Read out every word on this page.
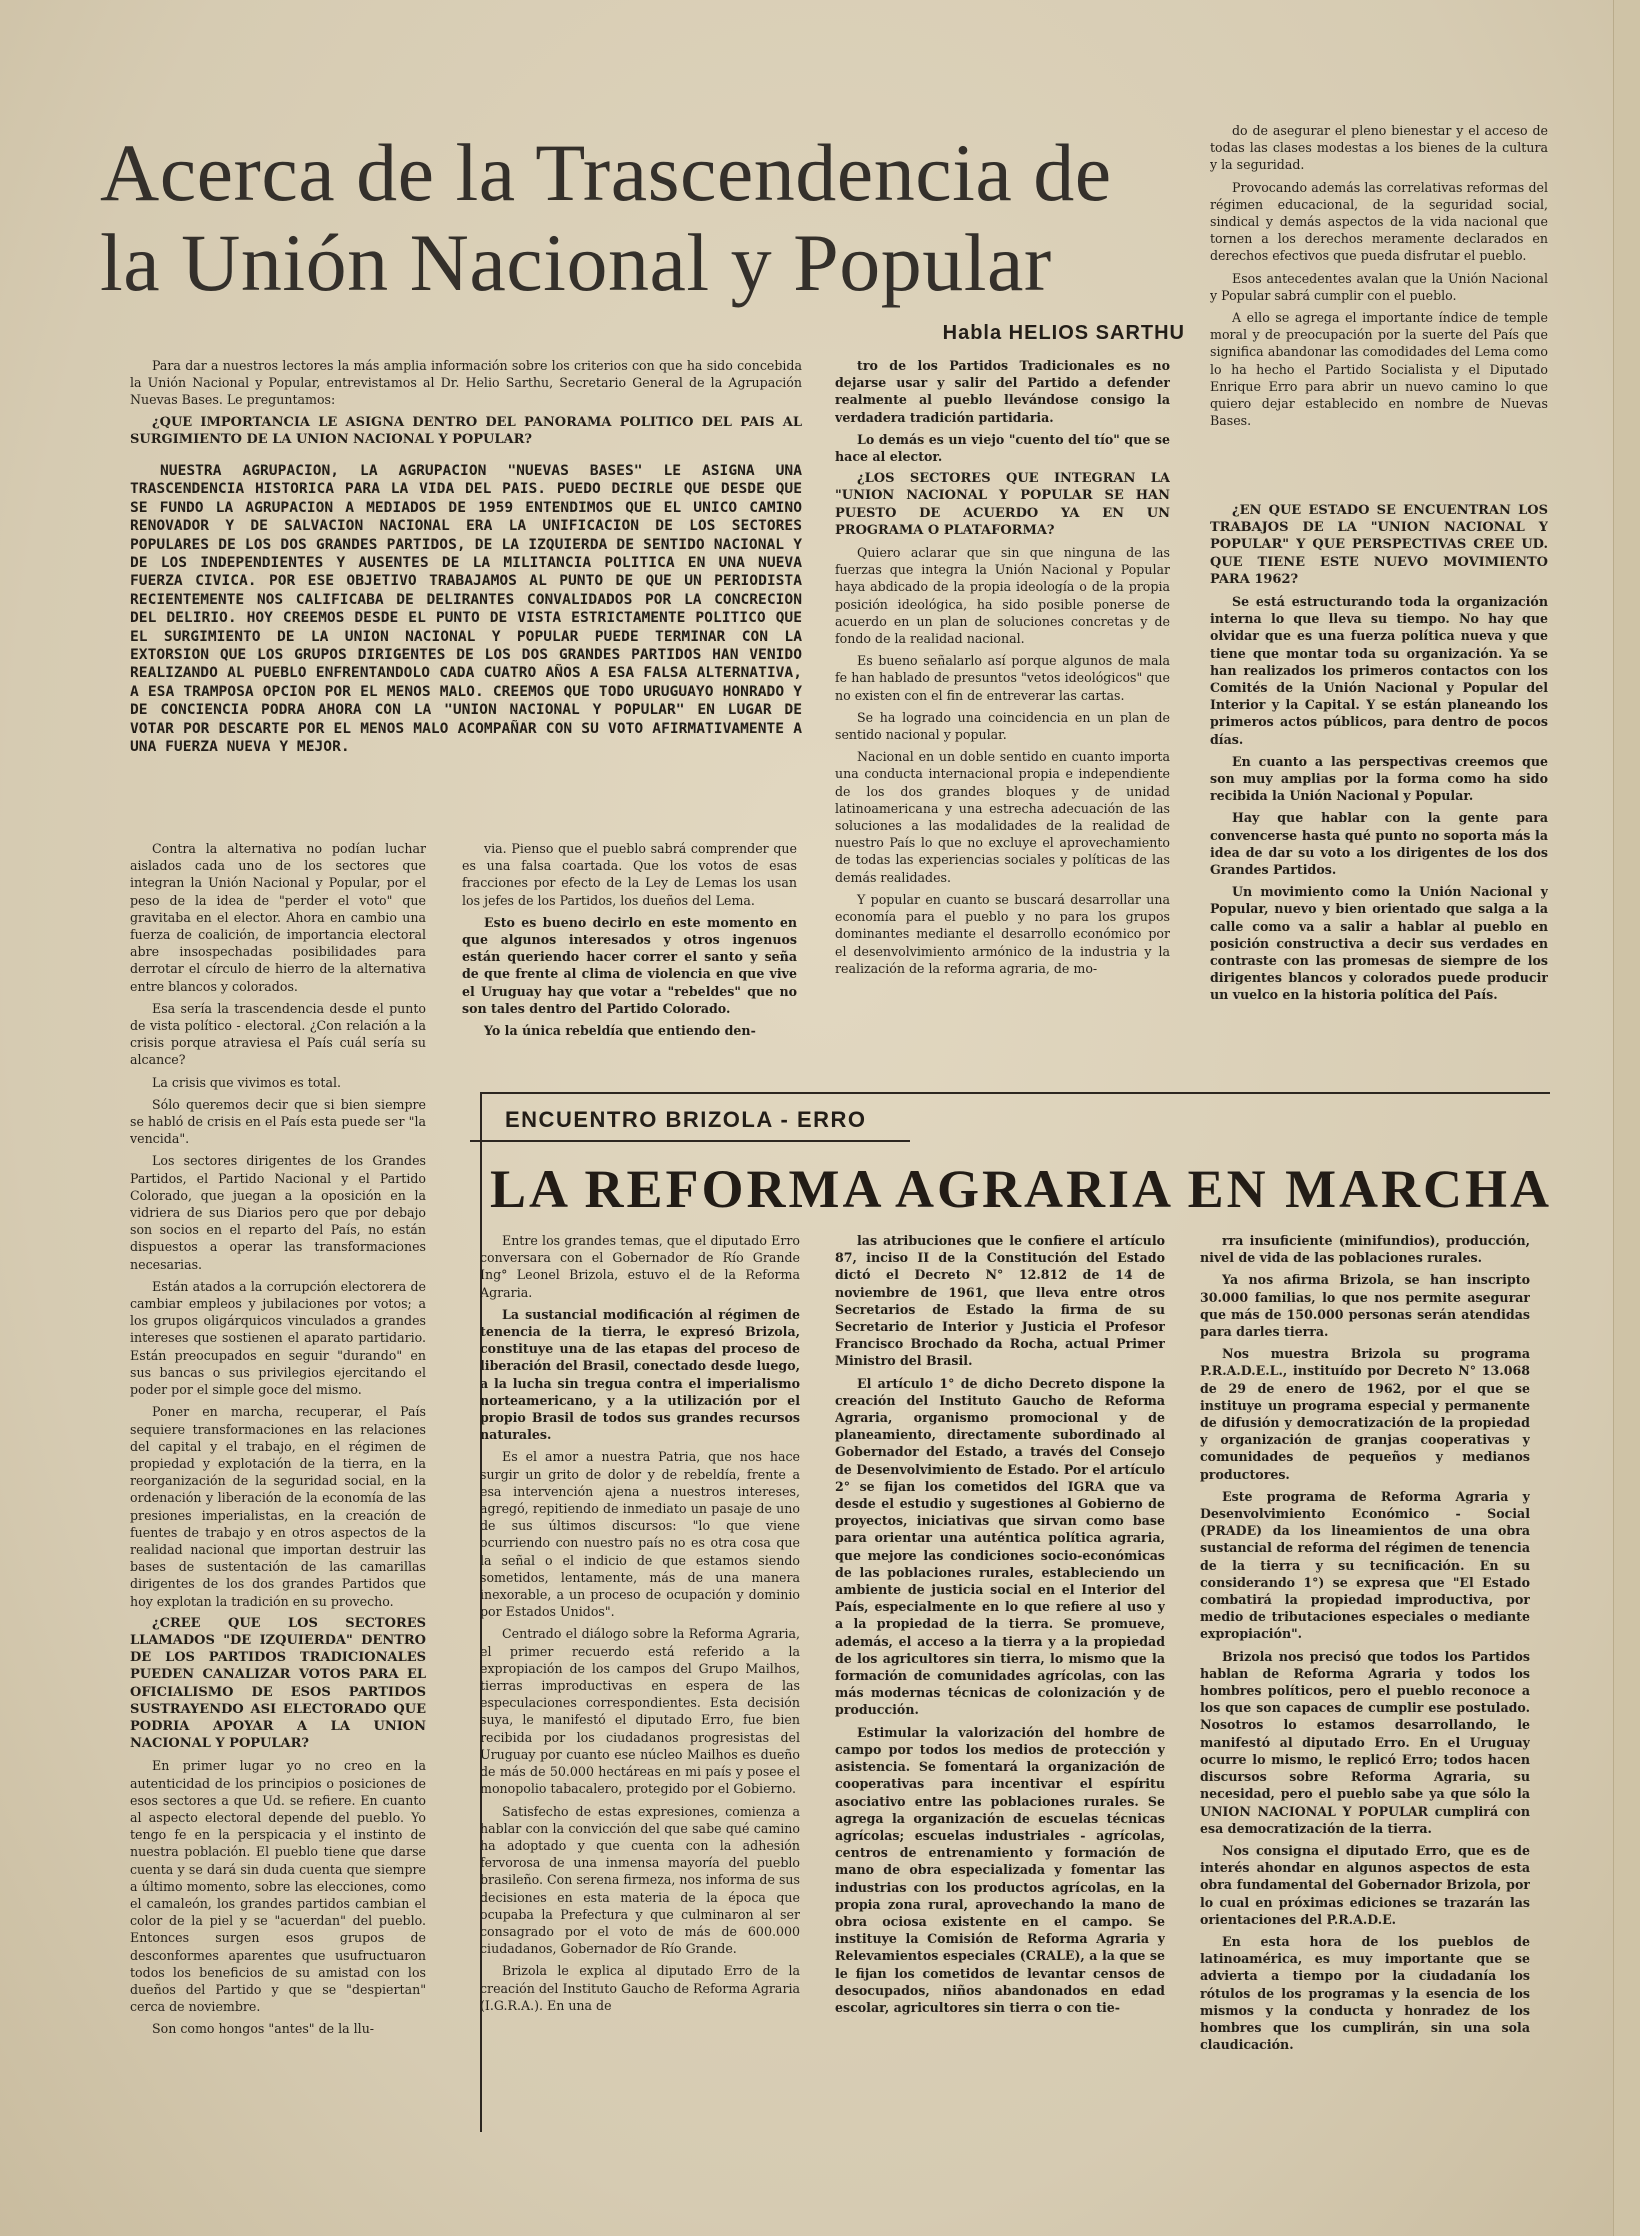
Acerca de la Trascendencia de la Unión Nacional y Popular
Habla HELIOS SARTHU

do de asegurar el pleno bienestar y el acceso de todas las clases modestas a los bienes de la cultura y la seguridad.

Provocando además las correlativas reformas del régimen educacional, de la seguridad social, sindical y demás aspectos de la vida nacional que tornen a los derechos meramente declarados en derechos efectivos que pueda disfrutar el pueblo.

Esos antecedentes avalan que la Unión Nacional y Popular sabrá cumplir con el pueblo.

A ello se agrega el importante índice de temple moral y de preocupación por la suerte del País que significa abandonar las comodidades del Lema como lo ha hecho el Partido Socialista y el Diputado Enrique Erro para abrir un nuevo camino lo que quiero dejar establecido en nombre de Nuevas Bases.

Para dar a nuestros lectores la más amplia información sobre los criterios con que ha sido concebida la Unión Nacional y Popular, entrevistamos al Dr. Helio Sarthu, Secretario General de la Agrupación Nuevas Bases. Le preguntamos:

¿QUE IMPORTANCIA LE ASIGNA DENTRO DEL PANORAMA POLITICO DEL PAIS AL SURGIMIENTO DE LA UNION NACIONAL Y POPULAR?

NUESTRA AGRUPACION, LA AGRUPACION "NUEVAS BASES" LE ASIGNA UNA TRASCENDENCIA HISTORICA PARA LA VIDA DEL PAIS. PUEDO DECIRLE QUE DESDE QUE SE FUNDO LA AGRUPACION A MEDIADOS DE 1959 ENTENDIMOS QUE EL UNICO CAMINO RENOVADOR Y DE SALVACION NACIONAL ERA LA UNIFICACION DE LOS SECTORES POPULARES DE LOS DOS GRANDES PARTIDOS, DE LA IZQUIERDA DE SENTIDO NACIONAL Y DE LOS INDEPENDIENTES Y AUSENTES DE LA MILITANCIA POLITICA EN UNA NUEVA FUERZA CIVICA. POR ESE OBJETIVO TRABAJAMOS AL PUNTO DE QUE UN PERIODISTA RECIENTEMENTE NOS CALIFICABA DE DELIRANTES CONVALIDADOS POR LA CONCRECION DEL DELIRIO. HOY CREEMOS DESDE EL PUNTO DE VISTA ESTRICTAMENTE POLITICO QUE EL SURGIMIENTO DE LA UNION NACIONAL Y POPULAR PUEDE TERMINAR CON LA EXTORSION QUE LOS GRUPOS DIRIGENTES DE LOS DOS GRANDES PARTIDOS HAN VENIDO REALIZANDO AL PUEBLO ENFRENTANDOLO CADA CUATRO AÑOS A ESA FALSA ALTERNATIVA, A ESA TRAMPOSA OPCION POR EL MENOS MALO. CREEMOS QUE TODO URUGUAYO HONRADO Y DE CONCIENCIA PODRA AHORA CON LA "UNION NACIONAL Y POPULAR" EN LUGAR DE VOTAR POR DESCARTE POR EL MENOS MALO ACOMPAÑAR CON SU VOTO AFIRMATIVAMENTE A UNA FUERZA NUEVA Y MEJOR.

Contra la alternativa no podían luchar aislados cada uno de los sectores que integran la Unión Nacional y Popular, por el peso de la idea de "perder el voto" que gravitaba en el elector. Ahora en cambio una fuerza de coalición, de importancia electoral abre insospechadas posibilidades para derrotar el círculo de hierro de la alternativa entre blancos y colorados.

Esa sería la trascendencia desde el punto de vista político - electoral. ¿Con relación a la crisis porque atraviesa el País cuál sería su alcance?

La crisis que vivimos es total.

Sólo queremos decir que si bien siempre se habló de crisis en el País esta puede ser "la vencida".

Los sectores dirigentes de los Grandes Partidos, el Partido Nacional y el Partido Colorado, que juegan a la oposición en la vidriera de sus Diarios pero que por debajo son socios en el reparto del País, no están dispuestos a operar las transformaciones necesarias.

Están atados a la corrupción electorera de cambiar empleos y jubilaciones por votos; a los grupos oligárquicos vinculados a grandes intereses que sostienen el aparato partidario. Están preocupados en seguir "durando" en sus bancas o sus privilegios ejercitando el poder por el simple goce del mismo.

Poner en marcha, recuperar, el País sequiere transformaciones en las relaciones del capital y el trabajo, en el régimen de propiedad y explotación de la tierra, en la reorganización de la seguridad social, en la ordenación y liberación de la economía de las presiones imperialistas, en la creación de fuentes de trabajo y en otros aspectos de la realidad nacional que importan destruir las bases de sustentación de las camarillas dirigentes de los dos grandes Partidos que hoy explotan la tradición en su provecho.

¿CREE QUE LOS SECTORES LLAMADOS "DE IZQUIERDA" DENTRO DE LOS PARTIDOS TRADICIONALES PUEDEN CANALIZAR VOTOS PARA EL OFICIALISMO DE ESOS PARTIDOS SUSTRAYENDO ASI ELECTORADO QUE PODRIA APOYAR A LA UNION NACIONAL Y POPULAR?

En primer lugar yo no creo en la autenticidad de los principios o posiciones de esos sectores a que Ud. se refiere. En cuanto al aspecto electoral depende del pueblo. Yo tengo fe en la perspicacia y el instinto de nuestra población. El pueblo tiene que darse cuenta y se dará sin duda cuenta que siempre a último momento, sobre las elecciones, como el camaleón, los grandes partidos cambian el color de la piel y se "acuerdan" del pueblo. Entonces surgen esos grupos de desconformes aparentes que usufructuaron todos los beneficios de su amistad con los dueños del Partido y que se "despiertan" cerca de noviembre.

Son como hongos "antes" de la llu-

via. Pienso que el pueblo sabrá comprender que es una falsa coartada. Que los votos de esas fracciones por efecto de la Ley de Lemas los usan los jefes de los Partidos, los dueños del Lema.

Esto es bueno decirlo en este momento en que algunos interesados y otros ingenuos están queriendo hacer correr el santo y seña de que frente al clima de violencia en que vive el Uruguay hay que votar a "rebeldes" que no son tales dentro del Partido Colorado.

Yo la única rebeldía que entiendo den-

tro de los Partidos Tradicionales es no dejarse usar y salir del Partido a defender realmente al pueblo llevándose consigo la verdadera tradición partidaria.

Lo demás es un viejo "cuento del tío" que se hace al elector.

¿LOS SECTORES QUE INTEGRAN LA "UNION NACIONAL Y POPULAR SE HAN PUESTO DE ACUERDO YA EN UN PROGRAMA O PLATAFORMA?

Quiero aclarar que sin que ninguna de las fuerzas que integra la Unión Nacional y Popular haya abdicado de la propia ideología o de la propia posición ideológica, ha sido posible ponerse de acuerdo en un plan de soluciones concretas y de fondo de la realidad nacional.

Es bueno señalarlo así porque algunos de mala fe han hablado de presuntos "vetos ideológicos" que no existen con el fin de entreverar las cartas.

Se ha logrado una coincidencia en un plan de sentido nacional y popular.

Nacional en un doble sentido en cuanto importa una conducta internacional propia e independiente de los dos grandes bloques y de unidad latinoamericana y una estrecha adecuación de las soluciones a las modalidades de la realidad de nuestro País lo que no excluye el aprovechamiento de todas las experiencias sociales y políticas de las demás realidades.

Y popular en cuanto se buscará desarrollar una economía para el pueblo y no para los grupos dominantes mediante el desarrollo económico por el desenvolvimiento armónico de la industria y la realización de la reforma agraria, de mo-

¿EN QUE ESTADO SE ENCUENTRAN LOS TRABAJOS DE LA "UNION NACIONAL Y POPULAR" Y QUE PERSPECTIVAS CREE UD. QUE TIENE ESTE NUEVO MOVIMIENTO PARA 1962?

Se está estructurando toda la organización interna lo que lleva su tiempo. No hay que olvidar que es una fuerza política nueva y que tiene que montar toda su organización. Ya se han realizados los primeros contactos con los Comités de la Unión Nacional y Popular del Interior y la Capital. Y se están planeando los primeros actos públicos, para dentro de pocos días.

En cuanto a las perspectivas creemos que son muy amplias por la forma como ha sido recibida la Unión Nacional y Popular.

Hay que hablar con la gente para convencerse hasta qué punto no soporta más la idea de dar su voto a los dirigentes de los dos Grandes Partidos.

Un movimiento como la Unión Nacional y Popular, nuevo y bien orientado que salga a la calle como va a salir a hablar al pueblo en posición constructiva a decir sus verdades en contraste con las promesas de siempre de los dirigentes blancos y colorados puede producir un vuelco en la historia política del País.

ENCUENTRO BRIZOLA - ERRO
LA REFORMA AGRARIA EN MARCHA

Entre los grandes temas, que el diputado Erro conversara con el Gobernador de Río Grande Ing° Leonel Brizola, estuvo el de la Reforma Agraria.

La sustancial modificación al régimen de tenencia de la tierra, le expresó Brizola, constituye una de las etapas del proceso de liberación del Brasil, conectado desde luego, a la lucha sin tregua contra el imperialismo norteamericano, y a la utilización por el propio Brasil de todos sus grandes recursos naturales.

Es el amor a nuestra Patria, que nos hace surgir un grito de dolor y de rebeldía, frente a esa intervención ajena a nuestros intereses, agregó, repitiendo de inmediato un pasaje de uno de sus últimos discursos: "lo que viene ocurriendo con nuestro país no es otra cosa que la señal o el indicio de que estamos siendo sometidos, lentamente, más de una manera inexorable, a un proceso de ocupación y dominio por Estados Unidos".

Centrado el diálogo sobre la Reforma Agraria, el primer recuerdo está referido a la expropiación de los campos del Grupo Mailhos, tierras improductivas en espera de las especulaciones correspondientes. Esta decisión suya, le manifestó el diputado Erro, fue bien recibida por los ciudadanos progresistas del Uruguay por cuanto ese núcleo Mailhos es dueño de más de 50.000 hectáreas en mi país y posee el monopolio tabacalero, protegido por el Gobierno.

Satisfecho de estas expresiones, comienza a hablar con la convicción del que sabe qué camino ha adoptado y que cuenta con la adhesión fervorosa de una inmensa mayoría del pueblo brasileño. Con serena firmeza, nos informa de sus decisiones en esta materia de la época que ocupaba la Prefectura y que culminaron al ser consagrado por el voto de más de 600.000 ciudadanos, Gobernador de Río Grande.

Brizola le explica al diputado Erro de la creación del Instituto Gaucho de Reforma Agraria (I.G.R.A.). En una de

las atribuciones que le confiere el artículo 87, inciso II de la Constitución del Estado dictó el Decreto N° 12.812 de 14 de noviembre de 1961, que lleva entre otros Secretarios de Estado la firma de su Secretario de Interior y Justicia el Profesor Francisco Brochado da Rocha, actual Primer Ministro del Brasil.

El artículo 1° de dicho Decreto dispone la creación del Instituto Gaucho de Reforma Agraria, organismo promocional y de planeamiento, directamente subordinado al Gobernador del Estado, a través del Consejo de Desenvolvimiento de Estado. Por el artículo 2° se fijan los cometidos del IGRA que va desde el estudio y sugestiones al Gobierno de proyectos, iniciativas que sirvan como base para orientar una auténtica política agraria, que mejore las condiciones socio-económicas de las poblaciones rurales, estableciendo un ambiente de justicia social en el Interior del País, especialmente en lo que refiere al uso y a la propiedad de la tierra. Se promueve, además, el acceso a la tierra y a la propiedad de los agricultores sin tierra, lo mismo que la formación de comunidades agrícolas, con las más modernas técnicas de colonización y de producción.

Estimular la valorización del hombre de campo por todos los medios de protección y asistencia. Se fomentará la organización de cooperativas para incentivar el espíritu asociativo entre las poblaciones rurales. Se agrega la organización de escuelas técnicas agrícolas; escuelas industriales - agrícolas, centros de entrenamiento y formación de mano de obra especializada y fomentar las industrias con los productos agrícolas, en la propia zona rural, aprovechando la mano de obra ociosa existente en el campo. Se instituye la Comisión de Reforma Agraria y Relevamientos especiales (CRALE), a la que se le fijan los cometidos de levantar censos de desocupados, niños abandonados en edad escolar, agricultores sin tierra o con tie-

rra insuficiente (minifundios), producción, nivel de vida de las poblaciones rurales.

Ya nos afirma Brizola, se han inscripto 30.000 familias, lo que nos permite asegurar que más de 150.000 personas serán atendidas para darles tierra.

Nos muestra Brizola su programa P.R.A.D.E.L., instituído por Decreto N° 13.068 de 29 de enero de 1962, por el que se instituye un programa especial y permanente de difusión y democratización de la propiedad y organización de granjas cooperativas y comunidades de pequeños y medianos productores.

Este programa de Reforma Agraria y Desenvolvimiento Económico - Social (PRADE) da los lineamientos de una obra sustancial de reforma del régimen de tenencia de la tierra y su tecnificación. En su considerando 1°) se expresa que "El Estado combatirá la propiedad improductiva, por medio de tributaciones especiales o mediante expropiación".

Brizola nos precisó que todos los Partidos hablan de Reforma Agraria y todos los hombres políticos, pero el pueblo reconoce a los que son capaces de cumplir ese postulado. Nosotros lo estamos desarrollando, le manifestó al diputado Erro. En el Uruguay ocurre lo mismo, le replicó Erro; todos hacen discursos sobre Reforma Agraria, su necesidad, pero el pueblo sabe ya que sólo la UNION NACIONAL Y POPULAR cumplirá con esa democratización de la tierra.

Nos consigna el diputado Erro, que es de interés ahondar en algunos aspectos de esta obra fundamental del Gobernador Brizola, por lo cual en próximas ediciones se trazarán las orientaciones del P.R.A.D.E.

En esta hora de los pueblos de latinoamérica, es muy importante que se advierta a tiempo por la ciudadanía los rótulos de los programas y la esencia de los mismos y la conducta y honradez de los hombres que los cumplirán, sin una sola claudicación.
